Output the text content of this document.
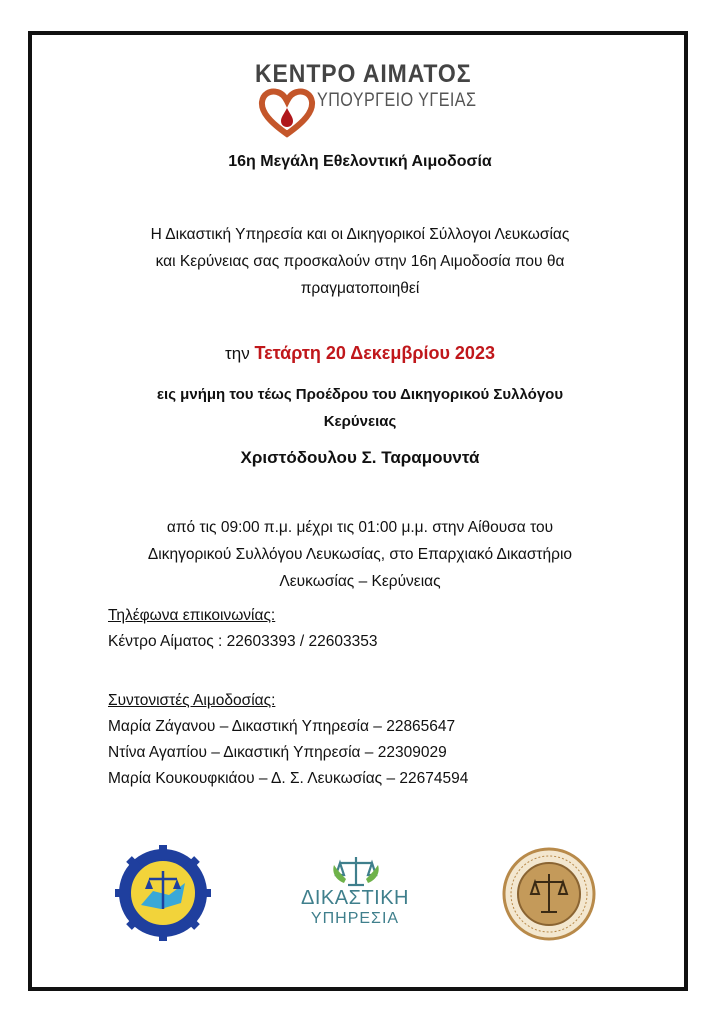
ΚΕΝΤΡΟ ΑΙΜΑΤΟΣ
ΥΠΟΥΡΓΕΙΟ ΥΓΕΙΑΣ
16η Μεγάλη Εθελοντική Αιμοδοσία
Η Δικαστική Υπηρεσία και οι Δικηγορικοί Σύλλογοι Λευκωσίας
και Κερύνειας σας προσκαλούν στην 16η Αιμοδοσία που θα
πραγματοποιηθεί
την Τετάρτη 20 Δεκεμβρίου 2023
εις μνήμη του τέως Προέδρου του Δικηγορικού Συλλόγου
Κερύνειας
Χριστόδουλου Σ. Ταραμουντά
από τις 09:00 π.μ. μέχρι τις 01:00 μ.μ. στην Αίθουσα του
Δικηγορικού Συλλόγου Λευκωσίας, στο Επαρχιακό Δικαστήριο
Λευκωσίας – Κερύνειας
Τηλέφωνα επικοινωνίας:
Κέντρο Αίματος : 22603393 / 22603353
Συντονιστές Αιμοδοσίας:
Μαρία Ζάγανου – Δικαστική Υπηρεσία – 22865647
Ντίνα Αγαπίου – Δικαστική Υπηρεσία – 22309029
Μαρία Κουκουφκιάου – Δ. Σ. Λευκωσίας – 22674594
ΔΙΚΑΣΤΙΚΗ
ΥΠΗΡΕΣΙΑ
